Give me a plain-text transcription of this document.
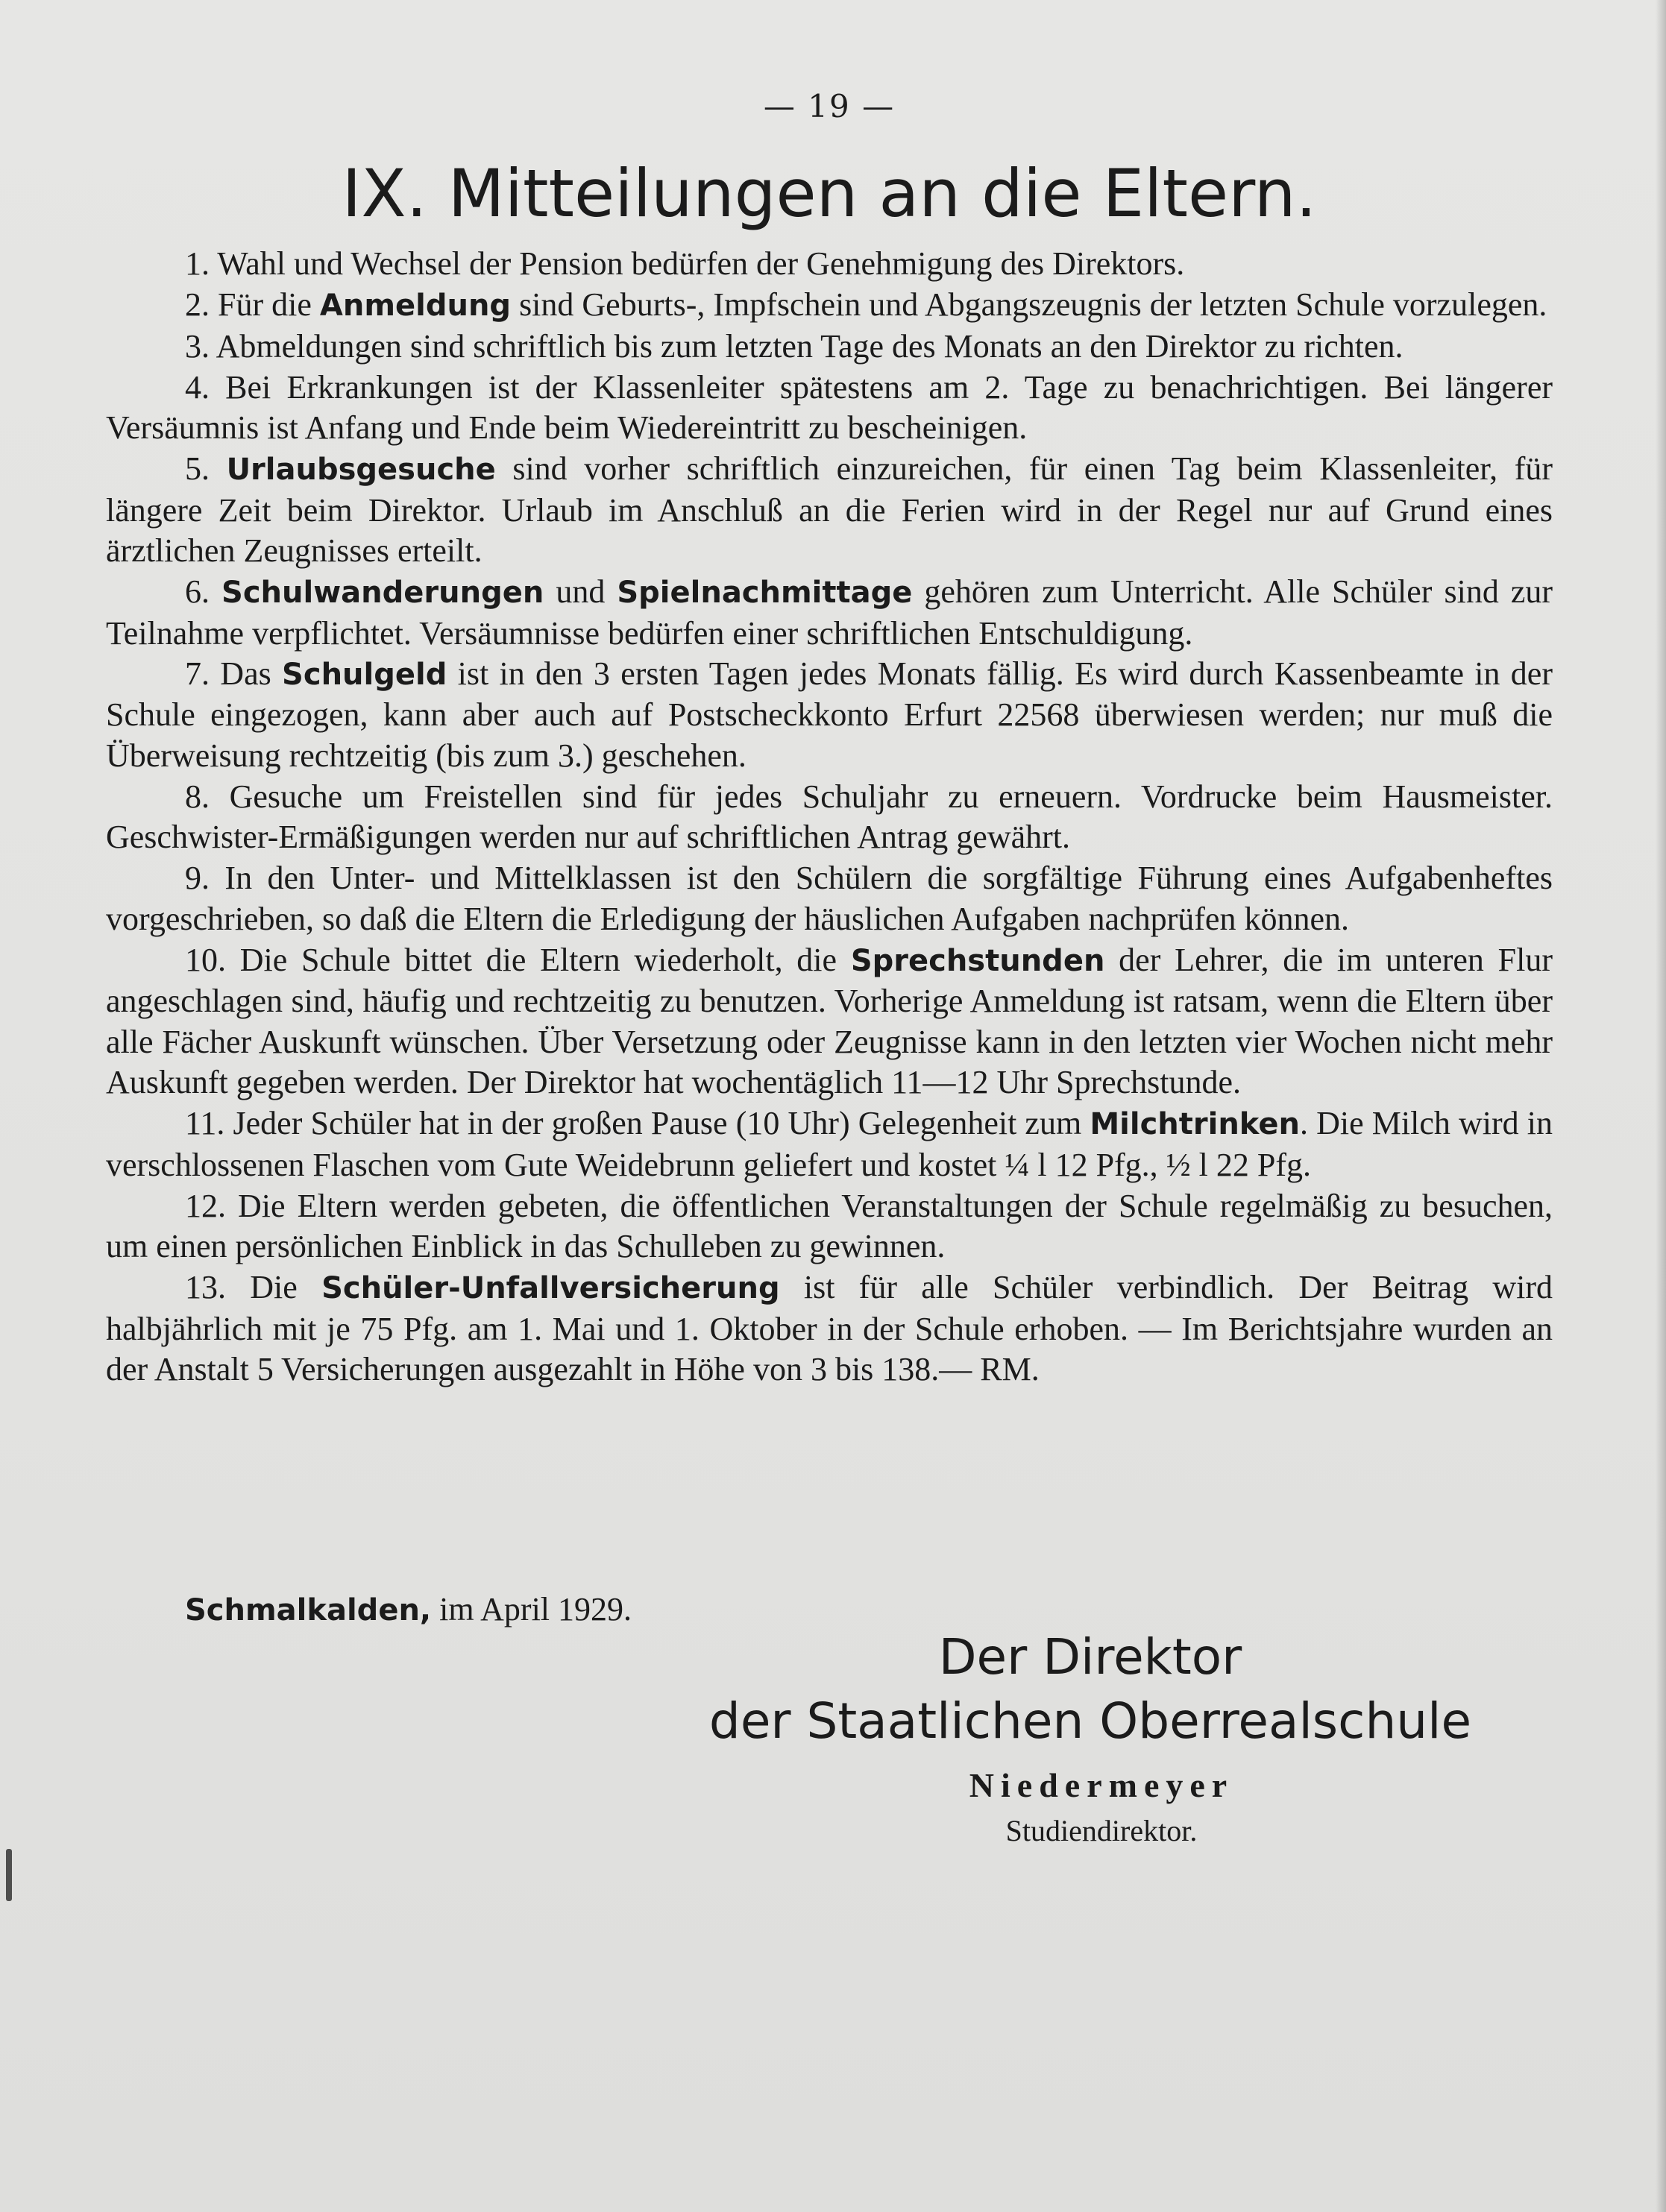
— 19 —
IX. Mitteilungen an die Eltern.

1. Wahl und Wechsel der Pension bedürfen der Genehmigung des Direktors.

2. Für die Anmeldung sind Geburts-, Impfschein und Abgangszeugnis der letzten Schule vorzulegen.

3. Abmeldungen sind schriftlich bis zum letzten Tage des Monats an den Direktor zu richten.

4. Bei Erkrankungen ist der Klassenleiter spätestens am 2. Tage zu benachrichtigen. Bei längerer Versäumnis ist Anfang und Ende beim Wiedereintritt zu bescheinigen.

5. Urlaubsgesuche sind vorher schriftlich einzureichen, für einen Tag beim Klassenleiter, für längere Zeit beim Direktor. Urlaub im Anschluß an die Ferien wird in der Regel nur auf Grund eines ärztlichen Zeugnisses erteilt.

6. Schulwanderungen und Spielnachmittage gehören zum Unterricht. Alle Schüler sind zur Teilnahme verpflichtet. Versäumnisse bedürfen einer schriftlichen Entschuldigung.

7. Das Schulgeld ist in den 3 ersten Tagen jedes Monats fällig. Es wird durch Kassenbeamte in der Schule eingezogen, kann aber auch auf Postscheckkonto Erfurt 22568 überwiesen werden; nur muß die Überweisung rechtzeitig (bis zum 3.) geschehen.

8. Gesuche um Freistellen sind für jedes Schuljahr zu erneuern. Vordrucke beim Hausmeister. Geschwister-Ermäßigungen werden nur auf schriftlichen Antrag gewährt.

9. In den Unter- und Mittelklassen ist den Schülern die sorgfältige Führung eines Aufgabenheftes vorgeschrieben, so daß die Eltern die Erledigung der häuslichen Aufgaben nachprüfen können.

10. Die Schule bittet die Eltern wiederholt, die Sprechstunden der Lehrer, die im unteren Flur angeschlagen sind, häufig und rechtzeitig zu benutzen. Vorherige Anmeldung ist ratsam, wenn die Eltern über alle Fächer Auskunft wünschen. Über Versetzung oder Zeugnisse kann in den letzten vier Wochen nicht mehr Auskunft gegeben werden. Der Direktor hat wochentäglich 11—12 Uhr Sprechstunde.

11. Jeder Schüler hat in der großen Pause (10 Uhr) Gelegenheit zum Milchtrinken. Die Milch wird in verschlossenen Flaschen vom Gute Weidebrunn geliefert und kostet ¼ l 12 Pfg., ½ l 22 Pfg.

12. Die Eltern werden gebeten, die öffentlichen Veranstaltungen der Schule regelmäßig zu besuchen, um einen persönlichen Einblick in das Schulleben zu gewinnen.

13. Die Schüler-Unfallversicherung ist für alle Schüler verbindlich. Der Beitrag wird halbjährlich mit je 75 Pfg. am 1. Mai und 1. Oktober in der Schule erhoben. — Im Berichtsjahre wurden an der Anstalt 5 Versicherungen ausgezahlt in Höhe von 3 bis 138.— RM.

Schmalkalden, im April 1929.
Der Direktor
der Staatlichen Oberrealschule
Niedermeyer
Studiendirektor.
